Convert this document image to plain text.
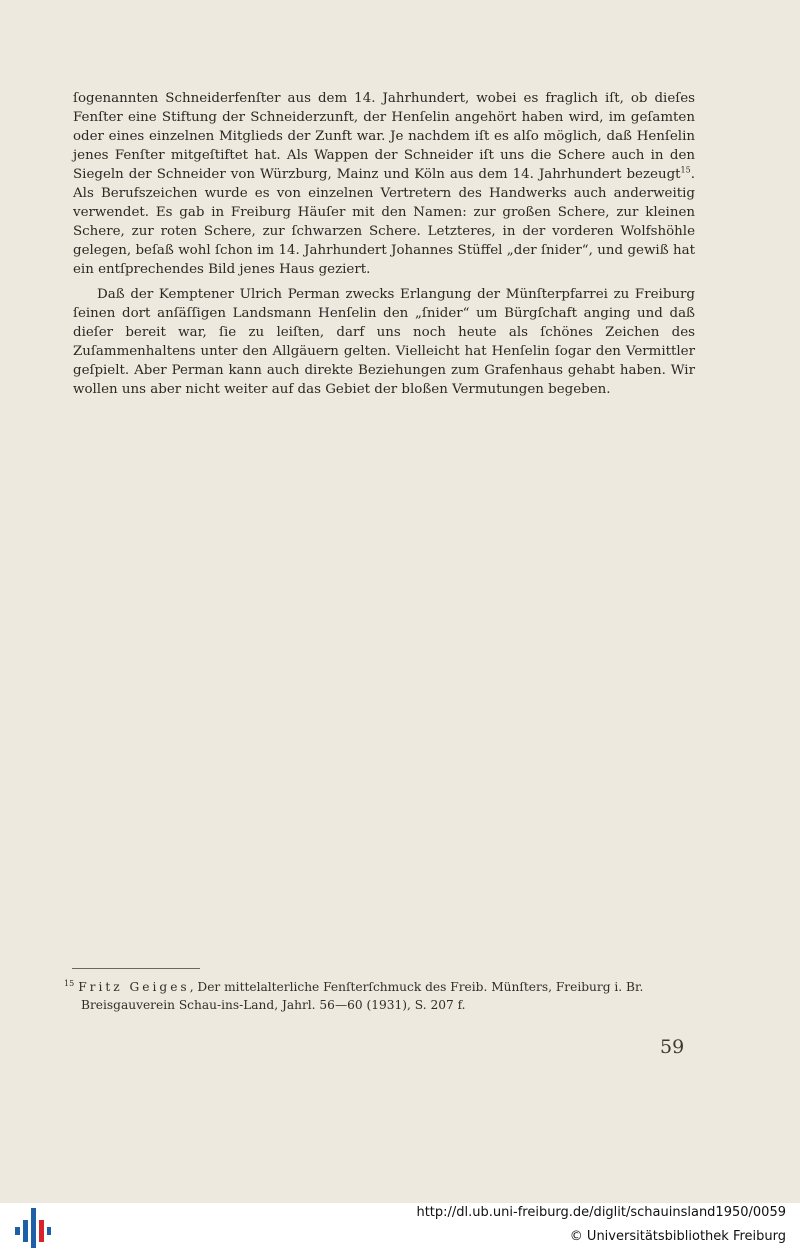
ſogenannten Schneiderfenſter aus dem 14. Jahrhundert, wobei es fraglich iſt, ob dieſes Fenſter eine Stiftung der Schneiderzunft, der Henſelin angehört haben wird, im geſamten oder eines einzelnen Mitglieds der Zunft war. Je nachdem iſt es alſo möglich, daß Henſelin jenes Fenſter mitgeſtiftet hat. Als Wappen der Schneider iſt uns die Schere auch in den Siegeln der Schneider von Würzburg, Mainz und Köln aus dem 14. Jahrhundert bezeugt$^{15}$. Als Berufszeichen wurde es von einzelnen Vertretern des Handwerks auch anderweitig verwendet. Es gab in Freiburg Häuſer mit den Namen: zur großen Schere, zur kleinen Schere, zur roten Schere, zur ſchwarzen Schere. Letzteres, in der vorderen Wolfshöhle gelegen, beſaß wohl ſchon im 14. Jahrhundert Johannes Stüffel „der ſnider“, und gewiß hat ein entſprechendes Bild jenes Haus geziert.

Daß der Kemptener Ulrich Perman zwecks Erlangung der Münſterpfarrei zu Freiburg ſeinen dort anſäſſigen Landsmann Henſelin den „ſnider“ um Bürgſchaft anging und daß dieſer bereit war, ſie zu leiſten, darf uns noch heute als ſchönes Zeichen des Zuſammenhaltens unter den Allgäuern gelten. Vielleicht hat Henſelin ſogar den Vermittler geſpielt. Aber Perman kann auch direkte Beziehungen zum Grafenhaus gehabt haben. Wir wollen uns aber nicht weiter auf das Gebiet der bloßen Vermutungen begeben.

$^{15}$ Fritz Geiges, Der mittelalterliche Fenſterſchmuck des Freib. Münſters, Freiburg i. Br.
Breisgauverein Schau-ins-Land, Jahrl. 56—60 (1931), S. 207 f.

59
http://dl.ub.uni-freiburg.de/diglit/schauinsland1950/0059
© Universitätsbibliothek Freiburg
